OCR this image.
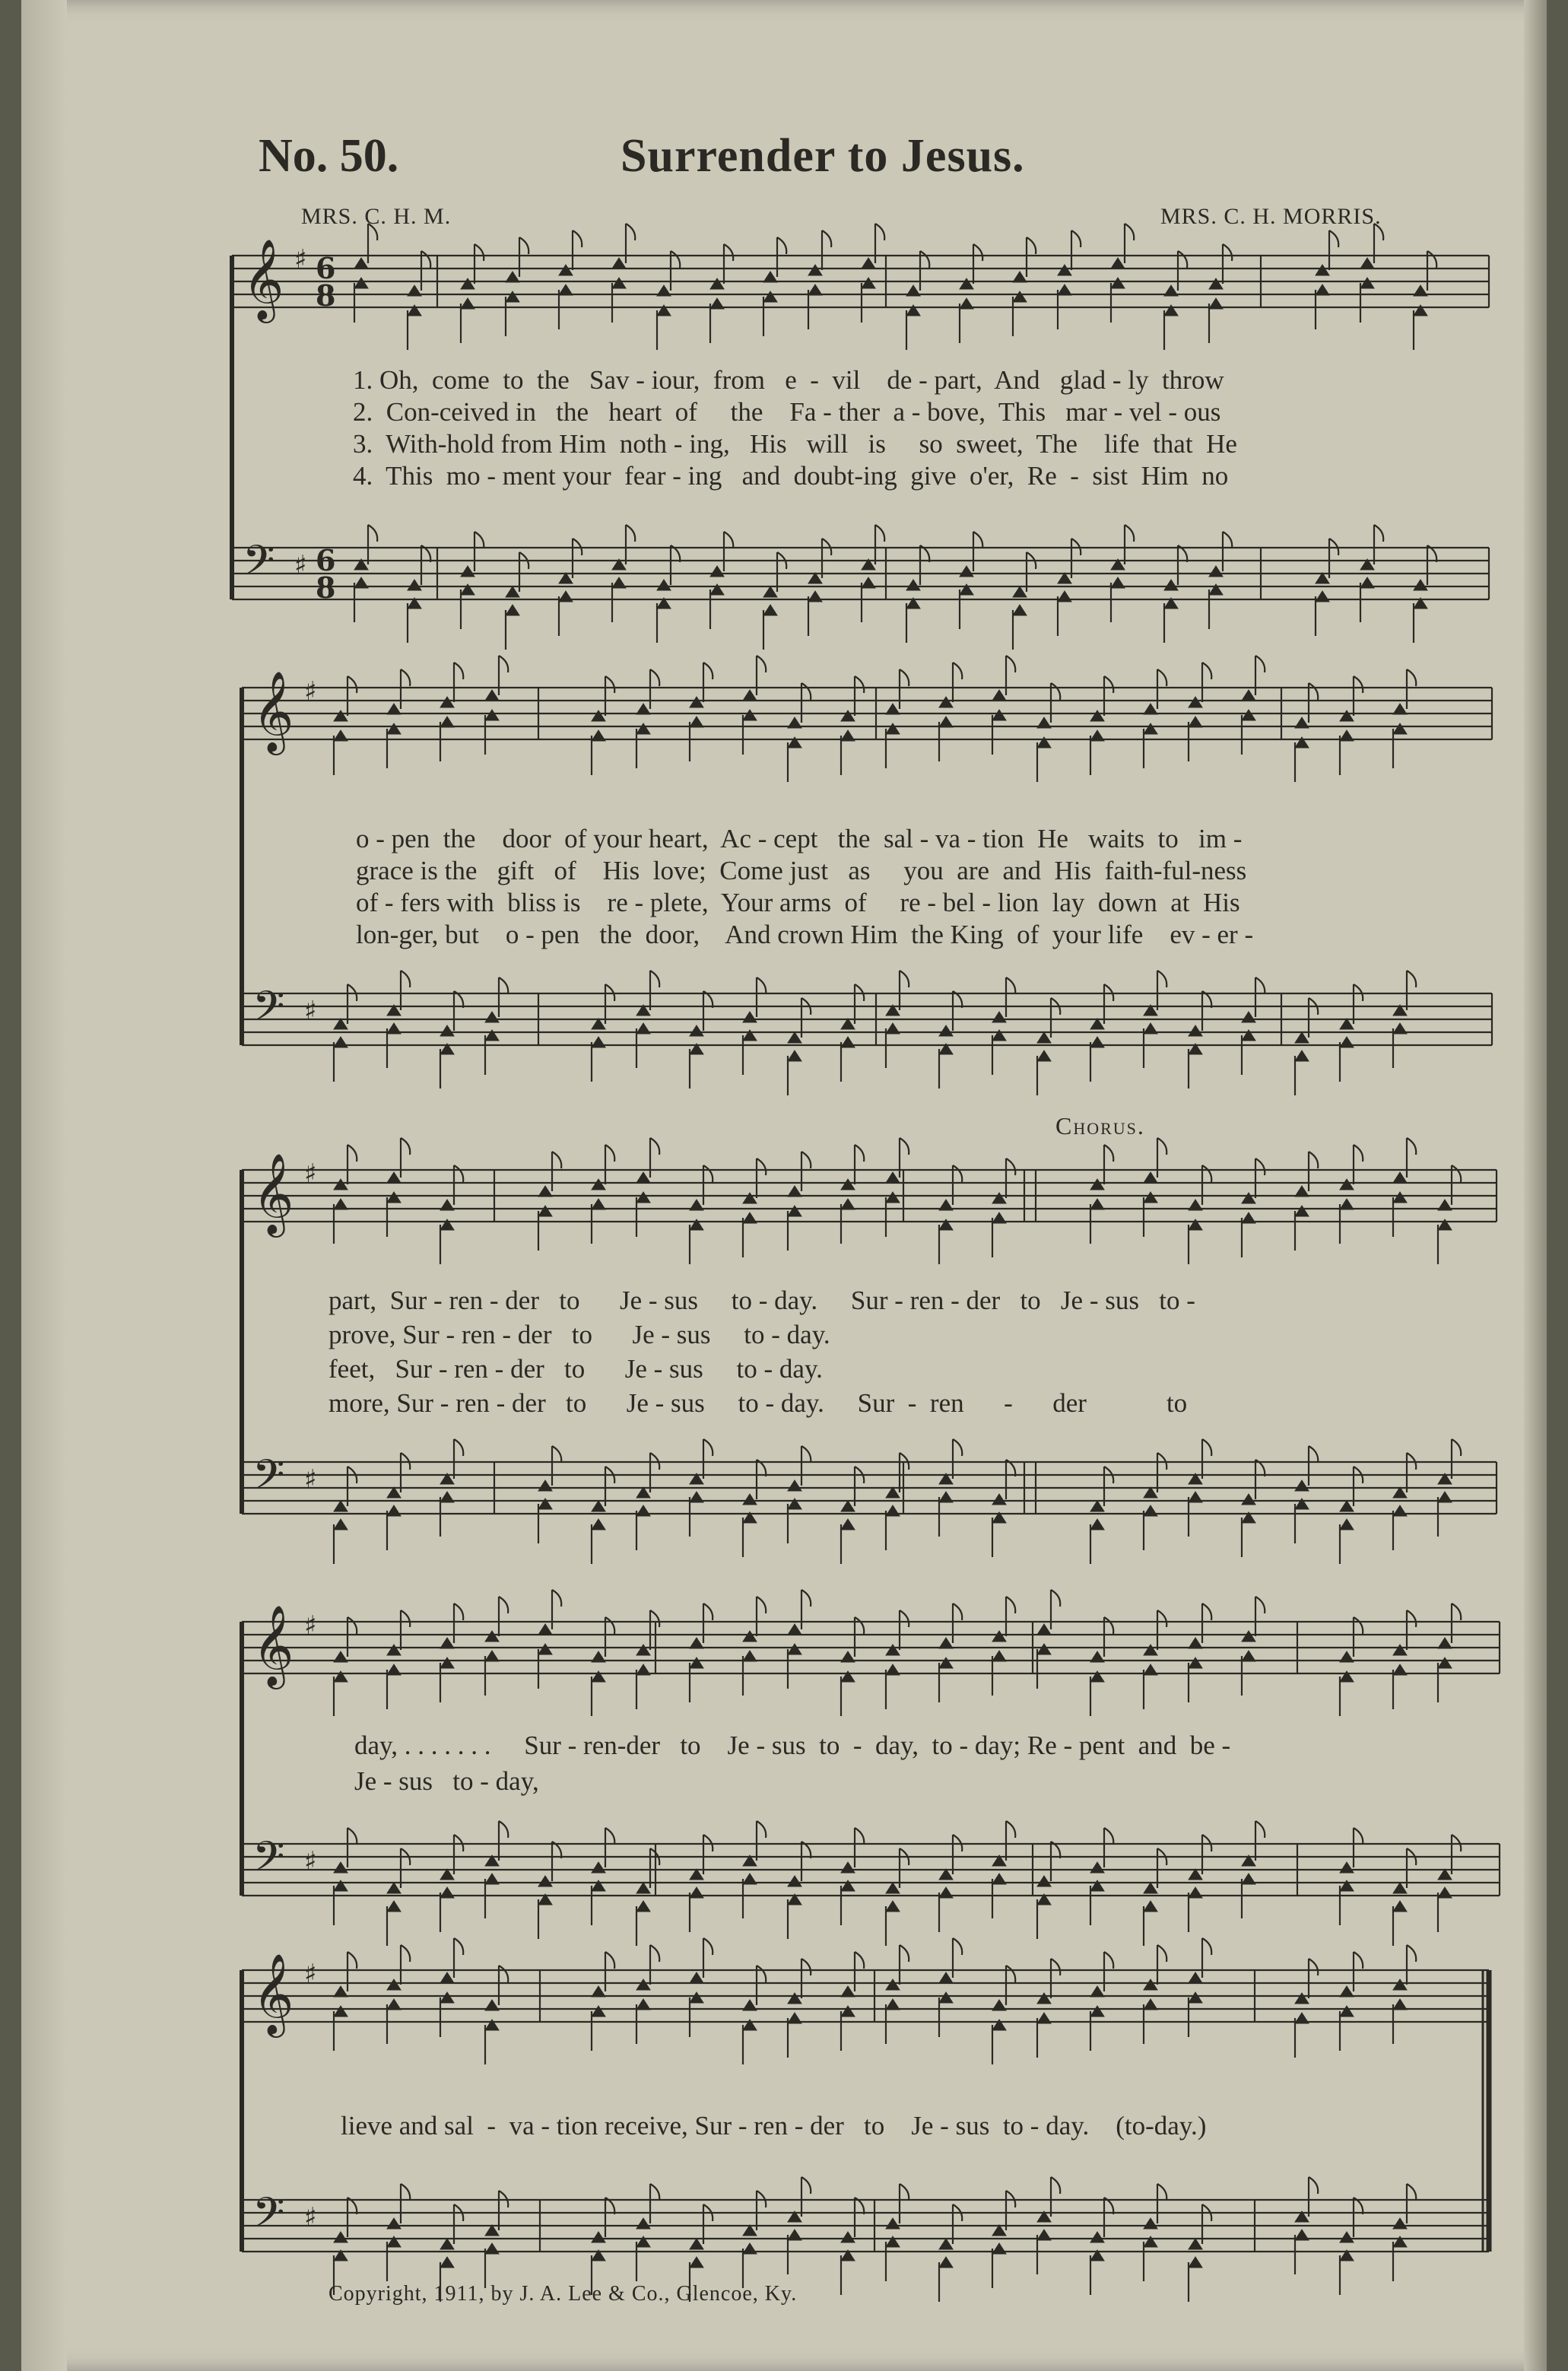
No. 50.	Surrender to Jesus.
MRS. C. H. M.	MRS. C. H. MORRIS.
1. Oh,  come  to  the   Sav - iour,  from   e  -  vil    de - part,  And   glad - ly  throw
2.  Con-ceived in   the   heart  of     the    Fa - ther  a - bove,  This   mar - vel - ous
3.  With-hold from Him  noth - ing,   His   will   is     so  sweet,  The    life  that  He
4.  This  mo - ment your  fear - ing   and  doubt-ing  give  o'er,  Re  -  sist  Him  no
o - pen  the    door  of your heart,  Ac - cept   the  sal - va - tion  He   waits  to   im -
grace is the   gift   of    His  love;  Come just   as     you  are  and  His  faith-ful-ness
of - fers with  bliss is    re - plete,  Your arms  of     re - bel - lion  lay  down  at  His
lon-ger, but    o - pen   the  door,    And crown Him  the King  of  your life    ev - er -
Chorus.
part,  Sur - ren - der   to      Je - sus     to - day.     Sur - ren - der   to   Je - sus   to -
prove, Sur - ren - der   to      Je - sus     to - day.
feet,   Sur - ren - der   to      Je - sus     to - day.
more, Sur - ren - der   to      Je - sus     to - day.     Sur  -  ren      -      der            to
day, . . . . . . .     Sur - ren-der   to    Je - sus  to  -  day,  to - day; Re - pent  and  be -
Je - sus   to - day,
lieve and sal  -  va - tion receive, Sur - ren - der   to    Je - sus  to - day.    (to-day.)
Copyright, 1911, by J. A. Lee & Co., Glencoe, Ky.
𝄞 ♯
𝄢 ♯
6
8
6
8
𝄞 ♯
𝄢 ♯
𝄞 ♯
𝄢 ♯
𝄞 ♯
𝄢 ♯
𝄞 ♯
𝄢 ♯
